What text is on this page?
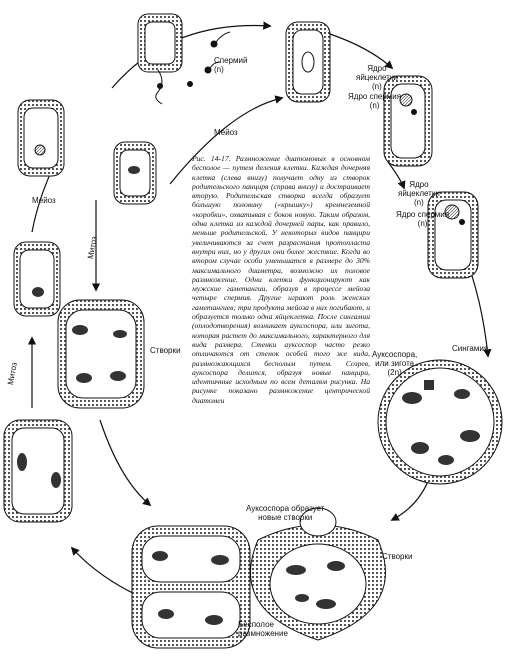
Спермий
(n)
Мейоз
Мейоз
Ядро
яйцеклетки
(n)
Ядро спермия
(n)
Ядро
яйцеклетки
(n)
Ядро спермия
(n)
Сингамия
Ауксоспора,
или зигота
(2n)
Ауксоспора образует
новые створки
Створки
Створки
Бесполое
размножение
Митоз
Митоз
Рис. 14-17. Размножение диатомовых в основном бесполое — путем деления клетки. Каждая дочерняя клетка (слева внизу) получает одну из створок родительского панциря (справа внизу) и достраивает вторую. Родительская створка всегда образует бо́льшую половину («крышку») кремнеземной «коробки», охватывая с боков новую. Таким образом, одна клетка из каждой дочерней пары, как правило, меньше родительской. У некоторых видов панцири увеличиваются за счет разрастания протопласта внутри них, но у других они более жесткие. Когда во втором случае особи уменьшатся в размере до 30% максимального диаметра, возможно их половое размножение. Одни клетки функционируют как мужские гаметангии, образуя в процессе мейоза четыре спермия. Другие играют роль женских гаметангиев; три продукта мейоза в них погибают, и образуется только одна яйцеклетка. После сингамии (оплодотворения) возникает ауксоспора, или зигота, которая растет до максимального, характерного для вида размера. Стенки ауксоспор часто резко отличаются от стенок особей того же вида, размножающихся бесполым путем. Созрев, ауксоспора делится, образуя новые панцири, идентичные исходным по всем деталям рисунка. На рисунке показано размножение центрической диатомеи
